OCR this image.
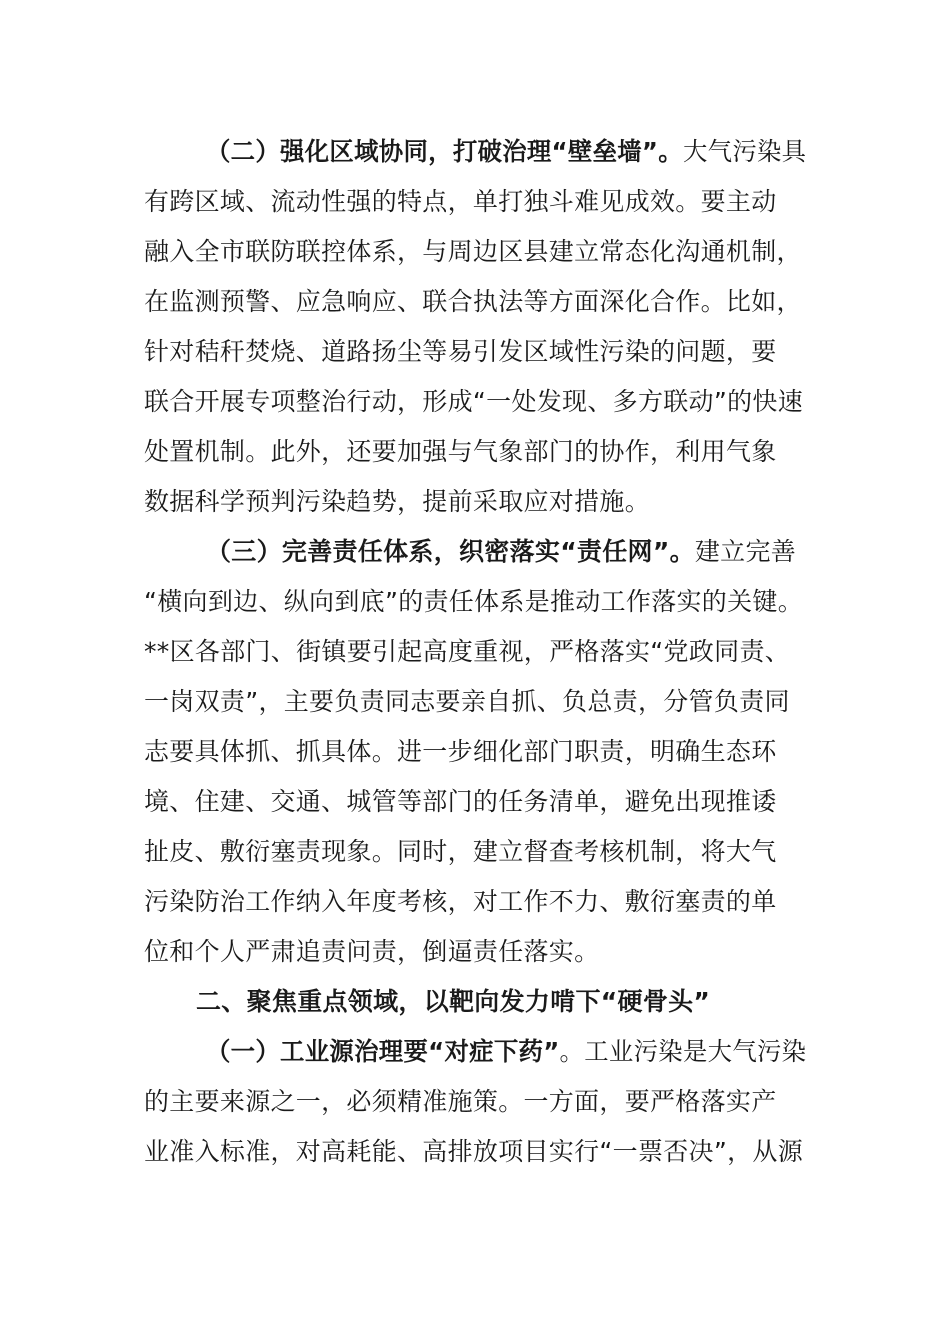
（二）强化区域协同，打破治理“壁垒墙”。大气污染具
有跨区域、流动性强的特点，单打独斗难见成效。要主动
融入全市联防联控体系，与周边区县建立常态化沟通机制，
在监测预警、应急响应、联合执法等方面深化合作。比如，
针对秸秆焚烧、道路扬尘等易引发区域性污染的问题，要
联合开展专项整治行动，形成“一处发现、多方联动”的快速
处置机制。此外，还要加强与气象部门的协作，利用气象
数据科学预判污染趋势，提前采取应对措施。
（三）完善责任体系，织密落实“责任网”。建立完善
“横向到边、纵向到底”的责任体系是推动工作落实的关键。
**区各部门、街镇要引起高度重视，严格落实“党政同责、
一岗双责”，主要负责同志要亲自抓、负总责，分管负责同
志要具体抓、抓具体。进一步细化部门职责，明确生态环
境、住建、交通、城管等部门的任务清单，避免出现推诿
扯皮、敷衍塞责现象。同时，建立督查考核机制，将大气
污染防治工作纳入年度考核，对工作不力、敷衍塞责的单
位和个人严肃追责问责，倒逼责任落实。
二、聚焦重点领域，以靶向发力啃下“硬骨头”
（一）工业源治理要“对症下药”。工业污染是大气污染
的主要来源之一，必须精准施策。一方面，要严格落实产
业准入标准，对高耗能、高排放项目实行“一票否决”，从源
